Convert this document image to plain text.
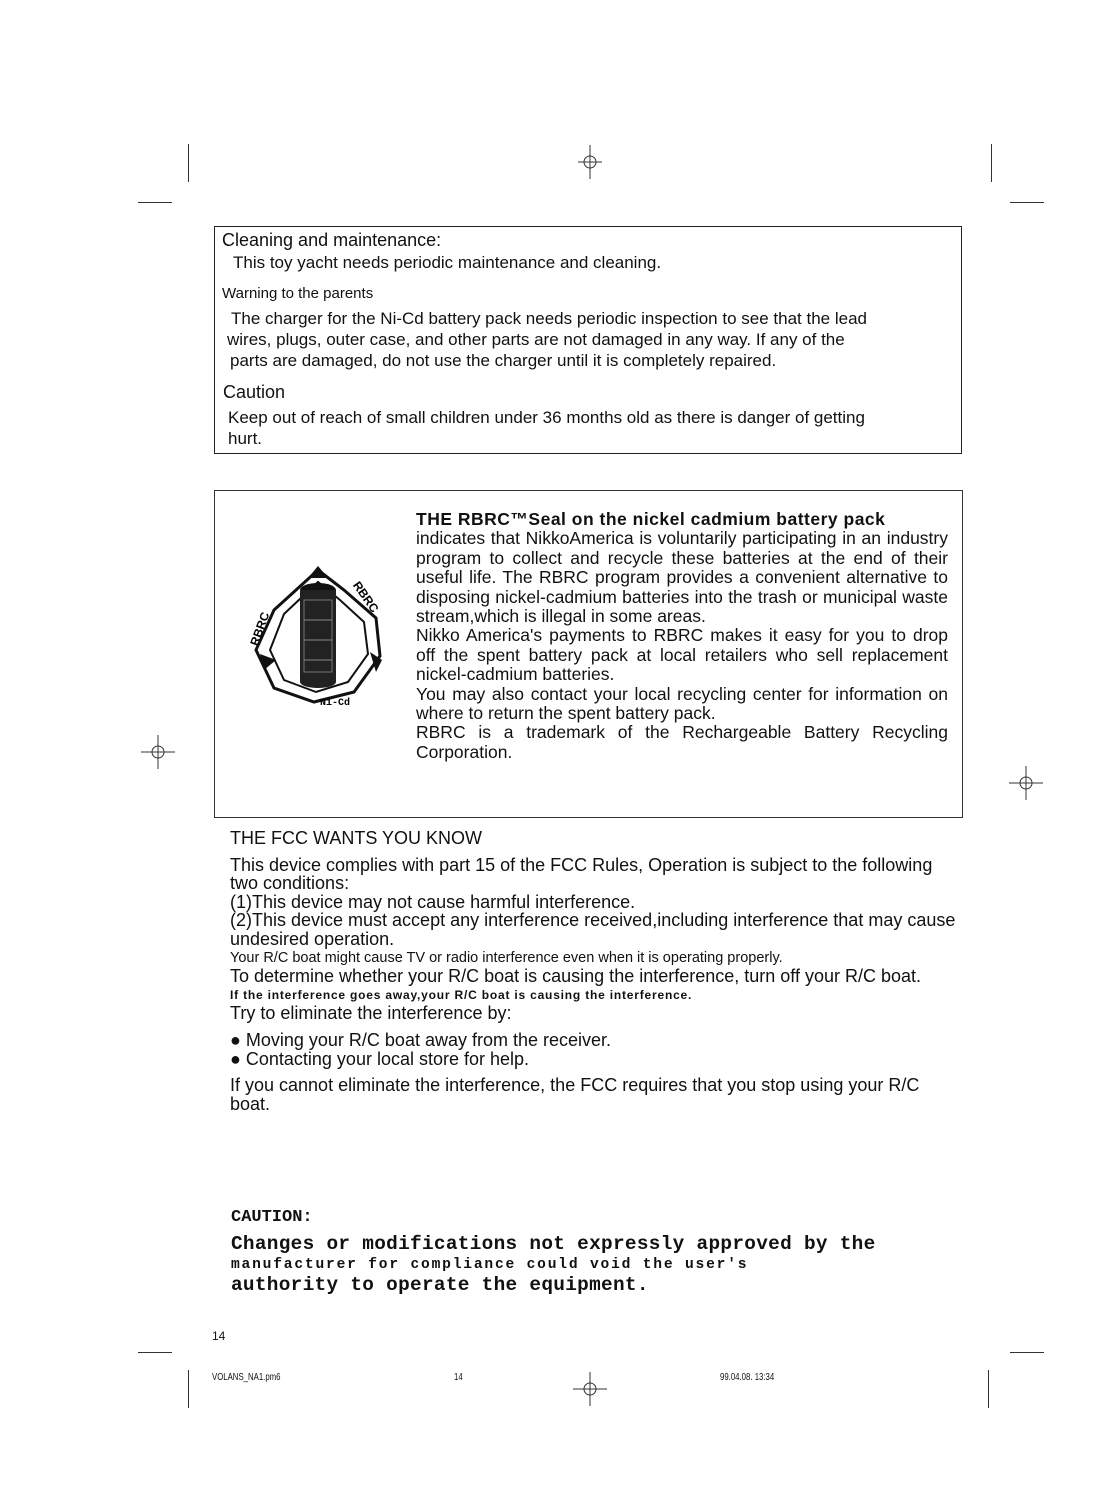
Cleaning and maintenance:
This toy yacht needs periodic maintenance and cleaning.
Warning to the parents
The charger for the Ni-Cd battery pack needs periodic inspection to see that the lead
wires, plugs, outer case, and other parts are not damaged in any way. If any of the
parts are damaged, do not use the charger until it is completely repaired.
Caution
Keep out of reach of small children under 36 months old as there is danger of getting
hurt.
RBRC
RBRC
Ni-Cd

THE RBRC™Seal on the nickel cadmium battery pack

indicates that NikkoAmerica is voluntarily participating in an industry program to collect and recycle these batteries at the end of their useful life. The RBRC program provides a convenient alternative to disposing nickel-cadmium batteries into the trash or municipal waste stream,which is illegal in some areas.

Nikko America's payments to RBRC makes it easy for you to drop off the spent battery pack at local retailers who sell replacement nickel-cadmium batteries.

You may also contact your local recycling center for information on where to return the spent battery pack.

RBRC is a trademark of the Rechargeable Battery Recycling Corporation.

THE FCC WANTS YOU KNOW

This device complies with part 15 of the FCC Rules, Operation is subject to the following two conditions:

(1)This device may not cause harmful interference.

(2)This device must accept any interference received,including interference that may cause undesired operation.

Your R/C boat might cause TV or radio interference even when it is operating properly.

To determine whether your R/C boat is causing the interference, turn off your R/C boat.

If the interference goes away,your R/C boat is causing the interference.

Try to eliminate the interference by:

● Moving your R/C boat away from the receiver.

● Contacting your local store for help.

If you cannot eliminate the interference, the FCC requires that you stop using your R/C boat.

CAUTION:
Changes or modifications not expressly approved by the
manufacturer for compliance could void the user's
authority to operate the equipment.
14
VOLANS_NA1.pm6	14	99.04.08. 13:34
